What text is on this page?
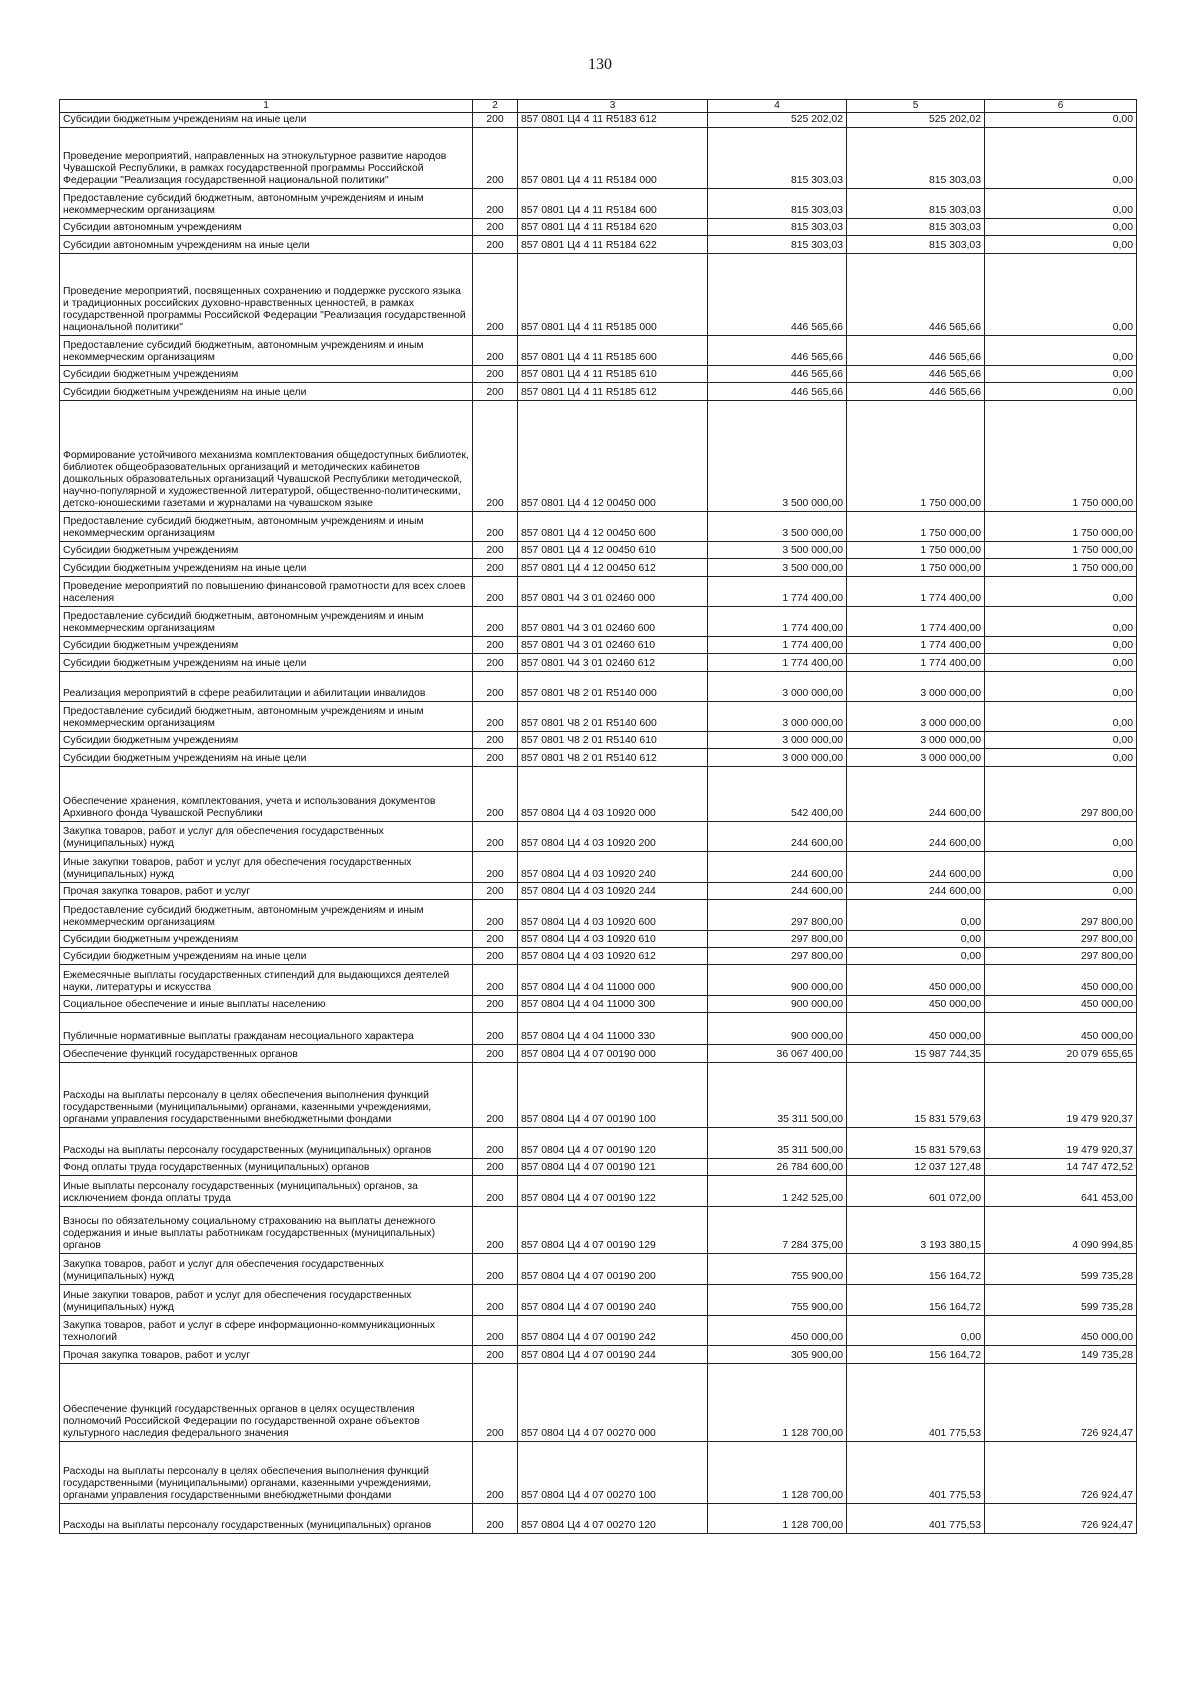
130
1	2	3	4	5	6
Субсидии бюджетным учреждениям на иные цели	200	857 0801 Ц4 4 11 R5183 612	525 202,02	525 202,02	0,00
Проведение мероприятий, направленных на этнокультурное развитие народов Чувашской Республики, в рамках государственной программы Российской Федерации "Реализация государственной национальной политики"	200	857 0801 Ц4 4 11 R5184 000	815 303,03	815 303,03	0,00
Предоставление субсидий бюджетным, автономным учреждениям и иным некоммерческим организациям	200	857 0801 Ц4 4 11 R5184 600	815 303,03	815 303,03	0,00
Субсидии автономным учреждениям	200	857 0801 Ц4 4 11 R5184 620	815 303,03	815 303,03	0,00
Субсидии автономным учреждениям на иные цели	200	857 0801 Ц4 4 11 R5184 622	815 303,03	815 303,03	0,00
Проведение мероприятий, посвященных сохранению и поддержке русского языка и традиционных российских духовно-нравственных ценностей, в рамках государственной программы Российской Федерации "Реализация государственной национальной политики"	200	857 0801 Ц4 4 11 R5185 000	446 565,66	446 565,66	0,00
Предоставление субсидий бюджетным, автономным учреждениям и иным некоммерческим организациям	200	857 0801 Ц4 4 11 R5185 600	446 565,66	446 565,66	0,00
Субсидии бюджетным учреждениям	200	857 0801 Ц4 4 11 R5185 610	446 565,66	446 565,66	0,00
Субсидии бюджетным учреждениям на иные цели	200	857 0801 Ц4 4 11 R5185 612	446 565,66	446 565,66	0,00
Формирование устойчивого механизма комплектования общедоступных библиотек, библиотек общеобразовательных организаций и методических кабинетов дошкольных образовательных организаций Чувашской Республики методической, научно-популярной и художественной литературой, общественно-политическими, детско-юношескими газетами и журналами на чувашском языке	200	857 0801 Ц4 4 12 00450 000	3 500 000,00	1 750 000,00	1 750 000,00
Предоставление субсидий бюджетным, автономным учреждениям и иным некоммерческим организациям	200	857 0801 Ц4 4 12 00450 600	3 500 000,00	1 750 000,00	1 750 000,00
Субсидии бюджетным учреждениям	200	857 0801 Ц4 4 12 00450 610	3 500 000,00	1 750 000,00	1 750 000,00
Субсидии бюджетным учреждениям на иные цели	200	857 0801 Ц4 4 12 00450 612	3 500 000,00	1 750 000,00	1 750 000,00
Проведение мероприятий по повышению финансовой грамотности для всех слоев населения	200	857 0801 Ч4 3 01 02460 000	1 774 400,00	1 774 400,00	0,00
Предоставление субсидий бюджетным, автономным учреждениям и иным некоммерческим организациям	200	857 0801 Ч4 3 01 02460 600	1 774 400,00	1 774 400,00	0,00
Субсидии бюджетным учреждениям	200	857 0801 Ч4 3 01 02460 610	1 774 400,00	1 774 400,00	0,00
Субсидии бюджетным учреждениям на иные цели	200	857 0801 Ч4 3 01 02460 612	1 774 400,00	1 774 400,00	0,00
Реализация мероприятий в сфере реабилитации и абилитации инвалидов	200	857 0801 Ч8 2 01 R5140 000	3 000 000,00	3 000 000,00	0,00
Предоставление субсидий бюджетным, автономным учреждениям и иным некоммерческим организациям	200	857 0801 Ч8 2 01 R5140 600	3 000 000,00	3 000 000,00	0,00
Субсидии бюджетным учреждениям	200	857 0801 Ч8 2 01 R5140 610	3 000 000,00	3 000 000,00	0,00
Субсидии бюджетным учреждениям на иные цели	200	857 0801 Ч8 2 01 R5140 612	3 000 000,00	3 000 000,00	0,00
Обеспечение хранения, комплектования, учета и использования документов Архивного фонда Чувашской Республики	200	857 0804 Ц4 4 03 10920 000	542 400,00	244 600,00	297 800,00
Закупка товаров, работ и услуг для обеспечения государственных (муниципальных) нужд	200	857 0804 Ц4 4 03 10920 200	244 600,00	244 600,00	0,00
Иные закупки товаров, работ и услуг для обеспечения государственных (муниципальных) нужд	200	857 0804 Ц4 4 03 10920 240	244 600,00	244 600,00	0,00
Прочая закупка товаров, работ и услуг	200	857 0804 Ц4 4 03 10920 244	244 600,00	244 600,00	0,00
Предоставление субсидий бюджетным, автономным учреждениям и иным некоммерческим организациям	200	857 0804 Ц4 4 03 10920 600	297 800,00	0,00	297 800,00
Субсидии бюджетным учреждениям	200	857 0804 Ц4 4 03 10920 610	297 800,00	0,00	297 800,00
Субсидии бюджетным учреждениям на иные цели	200	857 0804 Ц4 4 03 10920 612	297 800,00	0,00	297 800,00
Ежемесячные выплаты государственных стипендий для выдающихся деятелей науки, литературы и искусства	200	857 0804 Ц4 4 04 11000 000	900 000,00	450 000,00	450 000,00
Социальное обеспечение и иные выплаты населению	200	857 0804 Ц4 4 04 11000 300	900 000,00	450 000,00	450 000,00
Публичные нормативные выплаты гражданам несоциального характера	200	857 0804 Ц4 4 04 11000 330	900 000,00	450 000,00	450 000,00
Обеспечение функций государственных органов	200	857 0804 Ц4 4 07 00190 000	36 067 400,00	15 987 744,35	20 079 655,65
Расходы на выплаты персоналу в целях обеспечения выполнения функций государственными (муниципальными) органами, казенными учреждениями, органами управления государственными внебюджетными фондами	200	857 0804 Ц4 4 07 00190 100	35 311 500,00	15 831 579,63	19 479 920,37
Расходы на выплаты персоналу государственных (муниципальных) органов	200	857 0804 Ц4 4 07 00190 120	35 311 500,00	15 831 579,63	19 479 920,37
Фонд оплаты труда государственных (муниципальных) органов	200	857 0804 Ц4 4 07 00190 121	26 784 600,00	12 037 127,48	14 747 472,52
Иные выплаты персоналу государственных (муниципальных) органов, за исключением фонда оплаты труда	200	857 0804 Ц4 4 07 00190 122	1 242 525,00	601 072,00	641 453,00
Взносы по обязательному социальному страхованию на выплаты денежного содержания и иные выплаты работникам государственных (муниципальных) органов	200	857 0804 Ц4 4 07 00190 129	7 284 375,00	3 193 380,15	4 090 994,85
Закупка товаров, работ и услуг для обеспечения государственных (муниципальных) нужд	200	857 0804 Ц4 4 07 00190 200	755 900,00	156 164,72	599 735,28
Иные закупки товаров, работ и услуг для обеспечения государственных (муниципальных) нужд	200	857 0804 Ц4 4 07 00190 240	755 900,00	156 164,72	599 735,28
Закупка товаров, работ и услуг в сфере информационно-коммуникационных технологий	200	857 0804 Ц4 4 07 00190 242	450 000,00	0,00	450 000,00
Прочая закупка товаров, работ и услуг	200	857 0804 Ц4 4 07 00190 244	305 900,00	156 164,72	149 735,28
Обеспечение функций государственных органов в целях осуществления полномочий Российской Федерации по государственной охране объектов культурного наследия федерального значения	200	857 0804 Ц4 4 07 00270 000	1 128 700,00	401 775,53	726 924,47
Расходы на выплаты персоналу в целях обеспечения выполнения функций государственными (муниципальными) органами, казенными учреждениями, органами управления государственными внебюджетными фондами	200	857 0804 Ц4 4 07 00270 100	1 128 700,00	401 775,53	726 924,47
Расходы на выплаты персоналу государственных (муниципальных) органов	200	857 0804 Ц4 4 07 00270 120	1 128 700,00	401 775,53	726 924,47
